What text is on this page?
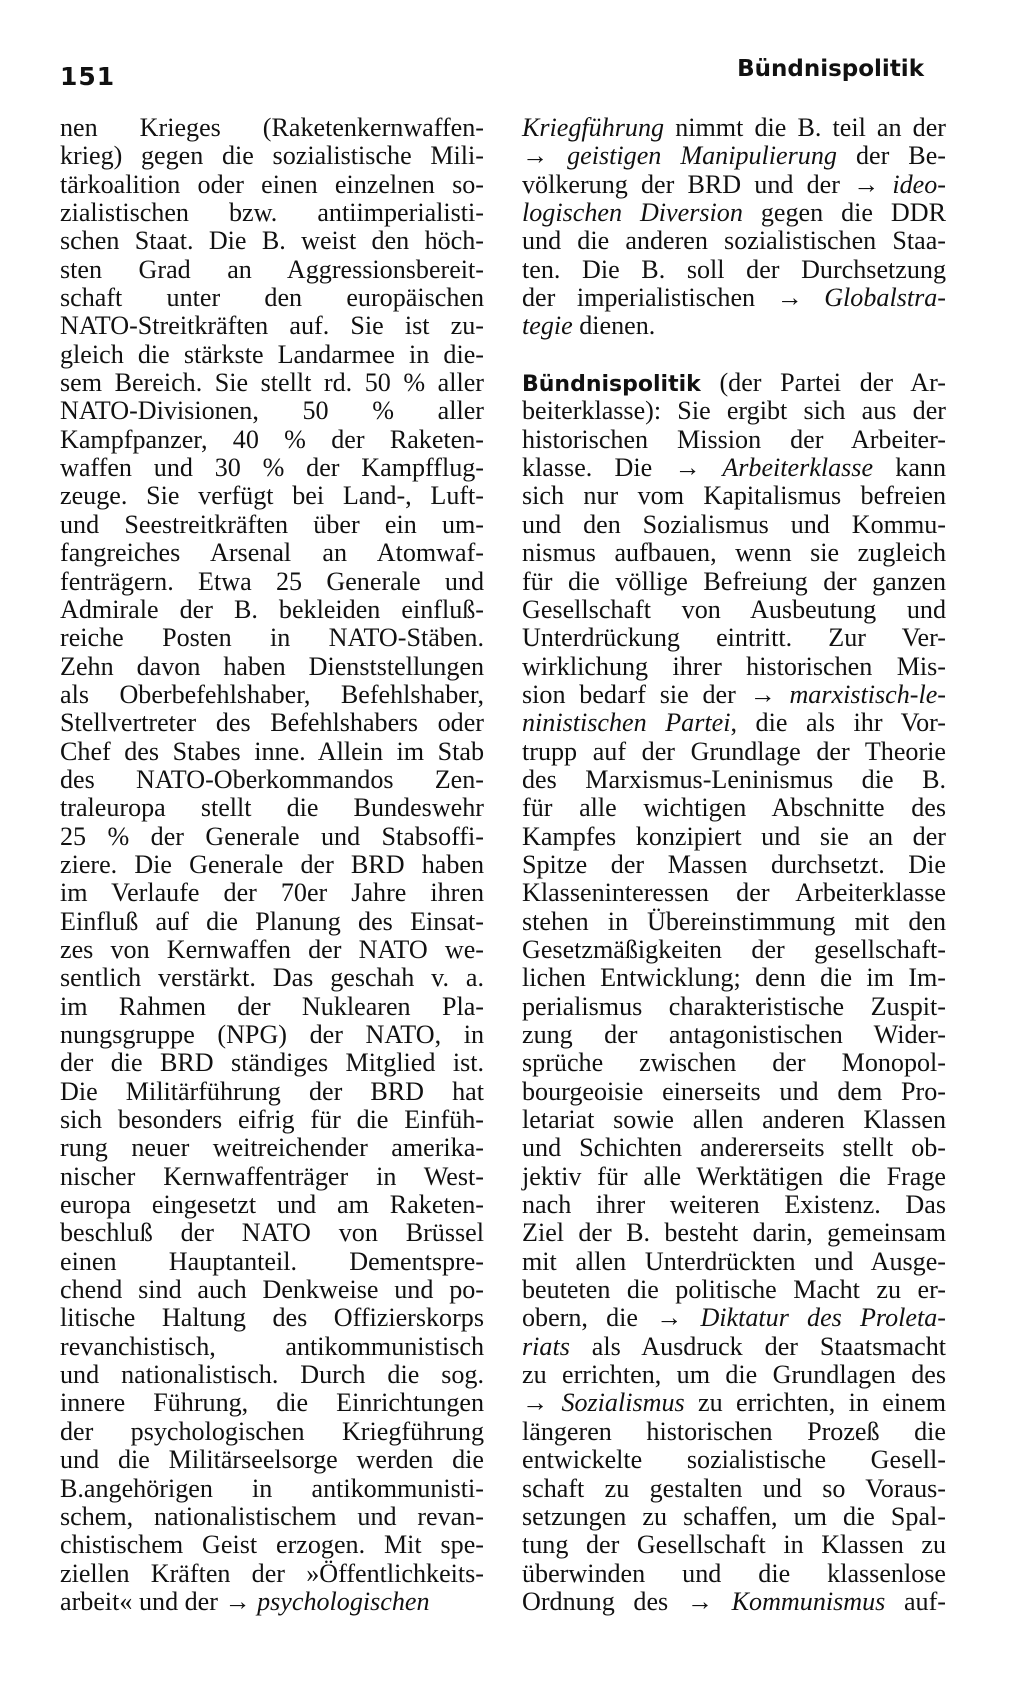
151	Bündnispolitik
nen Krieges (Raketenkernwaffen-
krieg) gegen die sozialistische Mili-
tärkoalition oder einen einzelnen so-
zialistischen bzw. antiimperialisti-
schen Staat. Die B. weist den höch-
sten Grad an Aggressionsbereit-
schaft unter den europäischen
NATO-Streitkräften auf. Sie ist zu-
gleich die stärkste Landarmee in die-
sem Bereich. Sie stellt rd. 50 % aller
NATO-Divisionen, 50 % aller
Kampfpanzer, 40 % der Raketen-
waffen und 30 % der Kampfflug-
zeuge. Sie verfügt bei Land-, Luft-
und Seestreitkräften über ein um-
fangreiches Arsenal an Atomwaf-
fenträgern. Etwa 25 Generale und
Admirale der B. bekleiden einfluß-
reiche Posten in NATO-Stäben.
Zehn davon haben Dienststellungen
als Oberbefehlshaber, Befehlshaber,
Stellvertreter des Befehlshabers oder
Chef des Stabes inne. Allein im Stab
des NATO-Oberkommandos Zen-
traleuropa stellt die Bundeswehr
25 % der Generale und Stabsoffi-
ziere. Die Generale der BRD haben
im Verlaufe der 70er Jahre ihren
Einfluß auf die Planung des Einsat-
zes von Kernwaffen der NATO we-
sentlich verstärkt. Das geschah v. a.
im Rahmen der Nuklearen Pla-
nungsgruppe (NPG) der NATO, in
der die BRD ständiges Mitglied ist.
Die Militärführung der BRD hat
sich besonders eifrig für die Einfüh-
rung neuer weitreichender amerika-
nischer Kernwaffenträger in West-
europa eingesetzt und am Raketen-
beschluß der NATO von Brüssel
einen Hauptanteil. Dementspre-
chend sind auch Denkweise und po-
litische Haltung des Offizierskorps
revanchistisch, antikommunistisch
und nationalistisch. Durch die sog.
innere Führung, die Einrichtungen
der psychologischen Kriegführung
und die Militärseelsorge werden die
B.angehörigen in antikommunisti-
schem, nationalistischem und revan-
chistischem Geist erzogen. Mit spe-
ziellen Kräften der »Öffentlichkeits-
arbeit« und der → psychologischen
Kriegführung nimmt die B. teil an der
→ geistigen Manipulierung der Be-
völkerung der BRD und der → ideo-
logischen Diversion gegen die DDR
und die anderen sozialistischen Staa-
ten. Die B. soll der Durchsetzung
der imperialistischen → Globalstra-
tegie dienen.
Bündnispolitik (der Partei der Ar-
beiterklasse): Sie ergibt sich aus der
historischen Mission der Arbeiter-
klasse. Die → Arbeiterklasse kann
sich nur vom Kapitalismus befreien
und den Sozialismus und Kommu-
nismus aufbauen, wenn sie zugleich
für die völlige Befreiung der ganzen
Gesellschaft von Ausbeutung und
Unterdrückung eintritt. Zur Ver-
wirklichung ihrer historischen Mis-
sion bedarf sie der → marxistisch-le-
ninistischen Partei, die als ihr Vor-
trupp auf der Grundlage der Theorie
des Marxismus-Leninismus die B.
für alle wichtigen Abschnitte des
Kampfes konzipiert und sie an der
Spitze der Massen durchsetzt. Die
Klasseninteressen der Arbeiterklasse
stehen in Übereinstimmung mit den
Gesetzmäßigkeiten der gesellschaft-
lichen Entwicklung; denn die im Im-
perialismus charakteristische Zuspit-
zung der antagonistischen Wider-
sprüche zwischen der Monopol-
bourgeoisie einerseits und dem Pro-
letariat sowie allen anderen Klassen
und Schichten andererseits stellt ob-
jektiv für alle Werktätigen die Frage
nach ihrer weiteren Existenz. Das
Ziel der B. besteht darin, gemeinsam
mit allen Unterdrückten und Ausge-
beuteten die politische Macht zu er-
obern, die → Diktatur des Proleta-
riats als Ausdruck der Staatsmacht
zu errichten, um die Grundlagen des
→ Sozialismus zu errichten, in einem
längeren historischen Prozeß die
entwickelte sozialistische Gesell-
schaft zu gestalten und so Voraus-
setzungen zu schaffen, um die Spal-
tung der Gesellschaft in Klassen zu
überwinden und die klassenlose
Ordnung des → Kommunismus auf-
